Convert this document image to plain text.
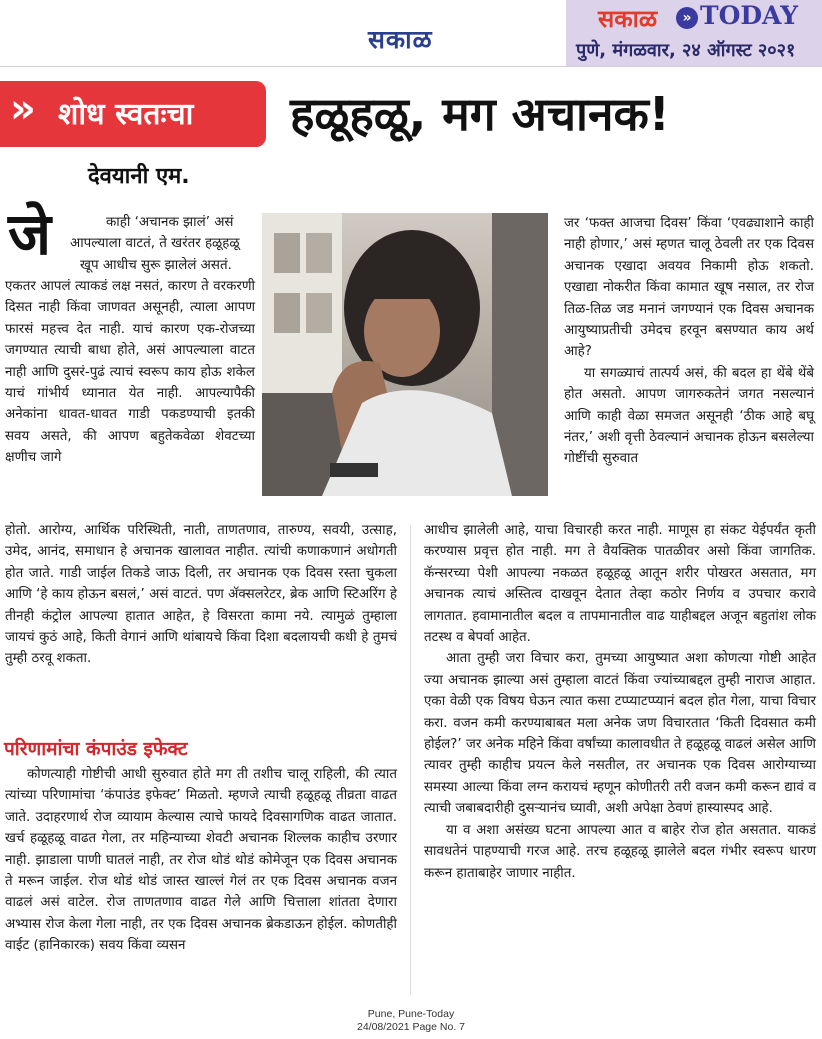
सकाळ
सकाळ	» TODAY
पुणे, मंगळवार, २४ ऑगस्ट २०२१
» शोध स्वतःचा हळूहळू, मग अचानक!
देवयानी एम.
जे	काही ‘अचानक झालं’ असं
आपल्याला वाटतं, ते खरंतर हळूहळू
खूप आधीच सुरू झालेलं असतं.

एकतर आपलं त्याकडं लक्ष नसतं, कारण ते वरकरणी दिसत नाही किंवा जाणवत असूनही, त्याला आपण फारसं महत्त्व देत नाही. याचं कारण एक-रोजच्या जगण्यात त्याची बाधा होते, असं आपल्याला वाटत नाही आणि दुसरं-पुढं त्याचं स्वरूप काय होऊ शकेल याचं गांभीर्य ध्यानात येत नाही. आपल्यापैकी अनेकांना धावत-धावत गाडी पकडण्याची इतकी सवय असते, की आपण बहुतेकवेळा शेवटच्या क्षणीच जागे

जर ‘फक्त आजचा दिवस’ किंवा ‘एवढ्याशाने काही नाही होणार,’ असं म्हणत चालू ठेवली तर एक दिवस अचानक एखादा अवयव निकामी होऊ शकतो. एखाद्या नोकरीत किंवा कामात खूष नसाल, तर रोज तिळ-तिळ जड मनानं जगण्यानं एक दिवस अचानक आयुष्याप्रतीची उमेदच हरवून बसण्यात काय अर्थ आहे?

या सगळ्याचं तात्पर्य असं, की बदल हा थेंबे थेंबे होत असतो. आपण जागरुकतेनं जगत नसल्यानं आणि काही वेळा समजत असूनही ‘ठीक आहे बघू नंतर,’ अशी वृत्ती ठेवल्यानं अचानक होऊन बसलेल्या गोष्टींची सुरुवात

होतो. आरोग्य, आर्थिक परिस्थिती, नाती, ताणतणाव, तारुण्य, सवयी, उत्साह, उमेद, आनंद, समाधान हे अचानक खालावत नाहीत. त्यांची कणाकणानं अधोगती होत जाते. गाडी जाईल तिकडे जाऊ दिली, तर अचानक एक दिवस रस्ता चुकला आणि ‘हे काय होऊन बसलं,’ असं वाटतं. पण ॲक्सलरेटर, ब्रेक आणि स्टिअरिंग हे तीनही कंट्रोल आपल्या हातात आहेत, हे विसरता कामा नये. त्यामुळं तुम्हाला जायचं कुठं आहे, किती वेगानं आणि थांबायचे किंवा दिशा बदलायची कधी हे तुमचं तुम्ही ठरवू शकता.

परिणामांचा कंपाउंड इफेक्ट

कोणत्याही गोष्टीची आधी सुरुवात होते मग ती तशीच चालू राहिली, की त्यात त्यांच्या परिणामांचा ‘कंपाउंड इफेक्ट’ मिळतो. म्हणजे त्याची हळूहळू तीव्रता वाढत जाते. उदाहरणार्थ रोज व्यायाम केल्यास त्याचे फायदे दिवसागणिक वाढत जातात. खर्च हळूहळू वाढत गेला, तर महिन्याच्या शेवटी अचानक शिल्लक काहीच उरणार नाही. झाडाला पाणी घातलं नाही, तर रोज थोडं थोडं कोमेजून एक दिवस अचानक ते मरून जाईल. रोज थोडं थोडं जास्त खाल्लं गेलं तर एक दिवस अचानक वजन वाढलं असं वाटेल. रोज ताणतणाव वाढत गेले आणि चित्ताला शांतता देणारा अभ्यास रोज केला गेला नाही, तर एक दिवस अचानक ब्रेकडाऊन होईल. कोणतीही वाईट (हानिकारक) सवय किंवा व्यसन

आधीच झालेली आहे, याचा विचारही करत नाही. माणूस हा संकट येईपर्यंत कृती करण्यास प्रवृत्त होत नाही. मग ते वैयक्तिक पातळीवर असो किंवा जागतिक. कॅन्सरच्या पेशी आपल्या नकळत हळूहळू आतून शरीर पोखरत असतात, मग अचानक त्याचं अस्तित्व दाखवून देतात तेव्हा कठोर निर्णय व उपचार करावे लागतात. हवामानातील बदल व तापमानातील वाढ याहीबद्दल अजून बहुतांश लोक तटस्थ व बेपर्वा आहेत.

आता तुम्ही जरा विचार करा, तुमच्या आयुष्यात अशा कोणत्या गोष्टी आहेत ज्या अचानक झाल्या असं तुम्हाला वाटतं किंवा ज्यांच्याबद्दल तुम्ही नाराज आहात. एका वेळी एक विषय घेऊन त्यात कसा टप्प्याटप्प्यानं बदल होत गेला, याचा विचार करा. वजन कमी करण्याबाबत मला अनेक जण विचारतात ‘किती दिवसात कमी होईल?’ जर अनेक महिने किंवा वर्षांच्या कालावधीत ते हळूहळू वाढलं असेल आणि त्यावर तुम्ही काहीच प्रयत्न केले नसतील, तर अचानक एक दिवस आरोग्याच्या समस्या आल्या किंवा लग्न करायचं म्हणून कोणीतरी तरी वजन कमी करून द्यावं व त्याची जबाबदारीही दुसऱ्यानंच घ्यावी, अशी अपेक्षा ठेवणं हास्यास्पद आहे.

या व अशा असंख्य घटना आपल्या आत व बाहेर रोज होत असतात. याकडं सावधतेनं पाहण्याची गरज आहे. तरच हळूहळू झालेले बदल गंभीर स्वरूप धारण करून हाताबाहेर जाणार नाहीत.

Pune, Pune-Today
24/08/2021 Page No. 7
